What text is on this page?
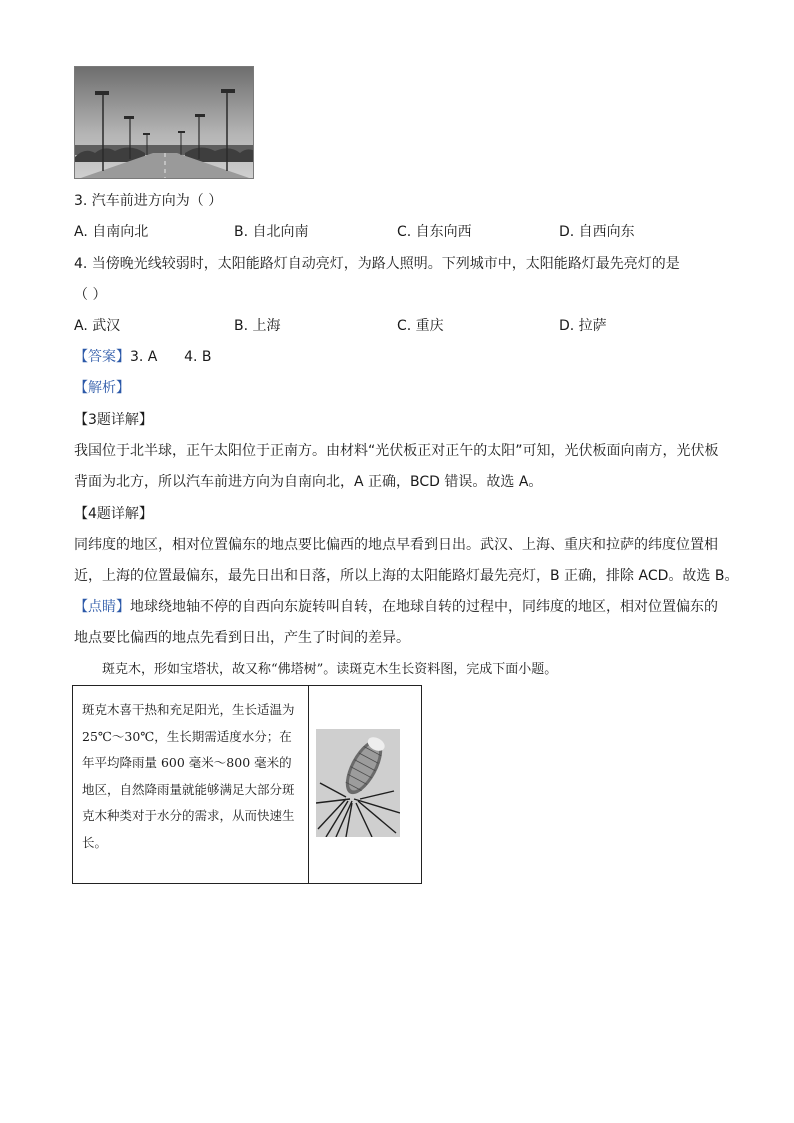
3. 汽车前进方向为（ ）
A. 自南向北	B. 自北向南	C. 自东向西	D. 自西向东
4. 当傍晚光线较弱时，太阳能路灯自动亮灯，为路人照明。下列城市中，太阳能路灯最先亮灯的是
（ ）
A. 武汉	B. 上海	C. 重庆	D. 拉萨
【答案】3. A      4. B
【解析】
【3题详解】
我国位于北半球，正午太阳位于正南方。由材料“光伏板正对正午的太阳”可知，光伏板面向南方，光伏板
背面为北方，所以汽车前进方向为自南向北，A 正确，BCD 错误。故选 A。
【4题详解】
同纬度的地区，相对位置偏东的地点要比偏西的地点早看到日出。武汉、上海、重庆和拉萨的纬度位置相
近，上海的位置最偏东，最先日出和日落，所以上海的太阳能路灯最先亮灯，B 正确，排除 ACD。故选 B。
【点睛】地球绕地轴不停的自西向东旋转叫自转，在地球自转的过程中，同纬度的地区，相对位置偏东的
地点要比偏西的地点先看到日出，产生了时间的差异。
斑克木，形如宝塔状，故又称“佛塔树”。读斑克木生长资料图，完成下面小题。
斑克木喜干热和充足阳光，生长适温为 25℃～30℃，生长期需适度水分；在年平均降雨量 600 毫米～800 毫米的地区，自然降雨量就能够满足大部分斑克木种类对于水分的需求，从而快速生长。
